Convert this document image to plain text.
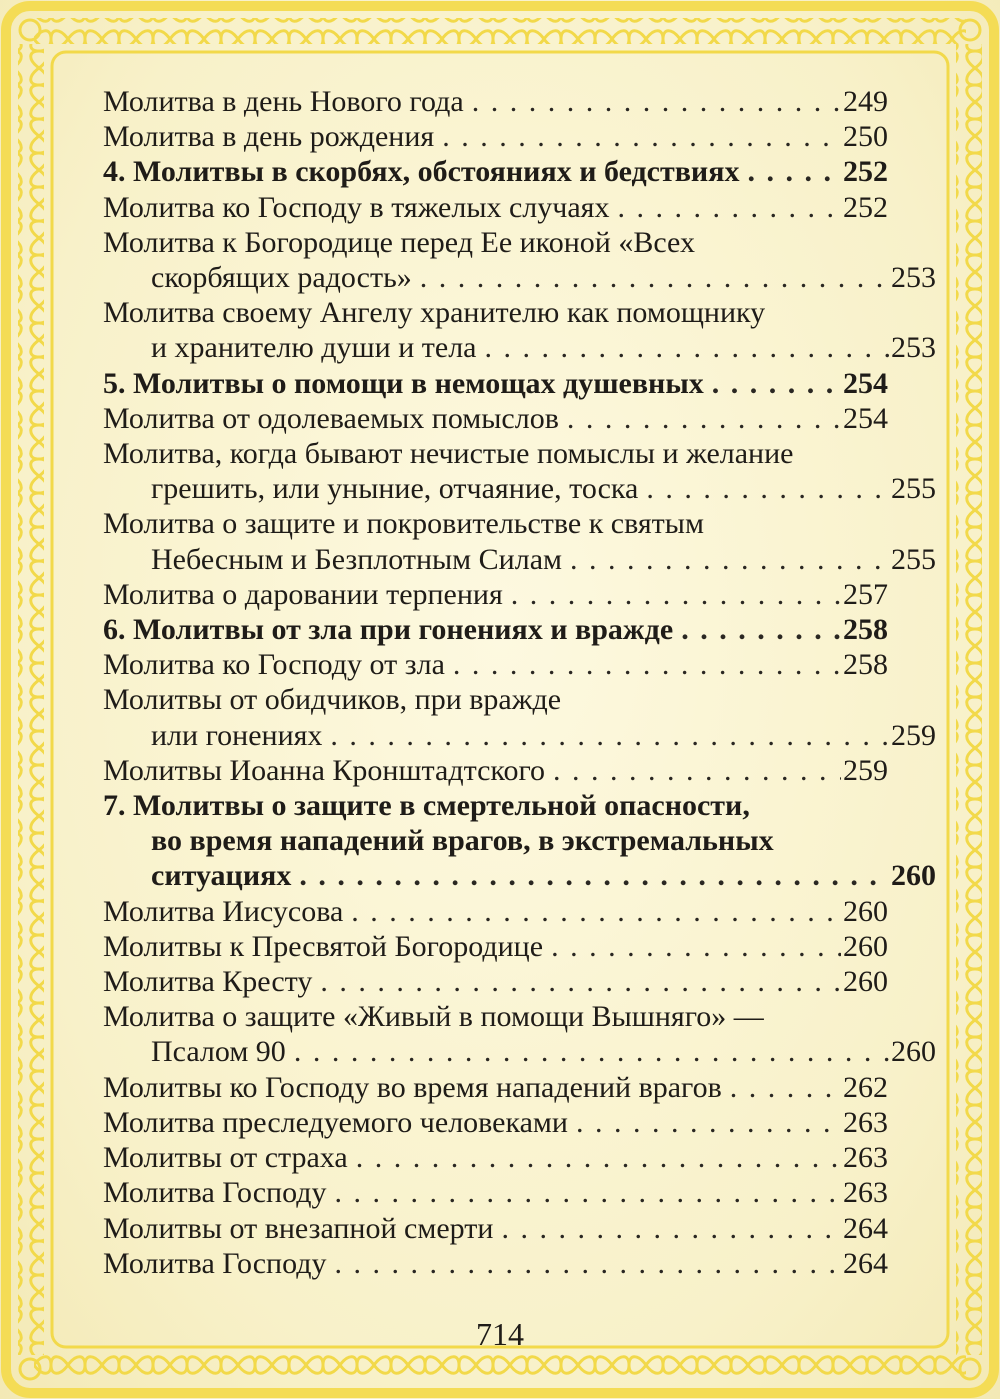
Молитва в день Нового года . . .	249
Молитва в день рождения . . .	250
4. Молитвы в скорбях, обстояниях и бедствиях . . .	252
Молитва ко Господу в тяжелых случаях . . .	252
Молитва к Богородице перед Ее иконой «Всех
скорбящих радость» . . .	253
Молитва своему Ангелу хранителю как помощнику
и хранителю души и тела . . .	253
5. Молитвы о помощи в немощах душевных . . .	254
Молитва от одолеваемых помыслов . . .	254
Молитва, когда бывают нечистые помыслы и желание
грешить, или уныние, отчаяние, тоска . . .	255
Молитва о защите и покровительстве к святым
Небесным и Безплотным Силам . . .	255
Молитва о даровании терпения . . .	257
6. Молитвы от зла при гонениях и вражде . . .	258
Молитва ко Господу от зла . . .	258
Молитвы от обидчиков, при вражде
или гонениях . . .	259
Молитвы Иоанна Кронштадтского . . .	259
7. Молитвы о защите в смертельной опасности,
во время нападений врагов, в экстремальных
ситуациях . . .	260
Молитва Иисусова . . .	260
Молитвы к Пресвятой Богородице . . .	260
Молитва Кресту . . .	260
Молитва о защите «Живый в помощи Вышняго» —
Псалом 90 . . .	260
Молитвы ко Господу во время нападений врагов . . .	262
Молитва преследуемого человеками . . .	263
Молитвы от страха . . .	263
Молитва Господу . . .	263
Молитвы от внезапной смерти . . .	264
Молитва Господу . . .	264
714
